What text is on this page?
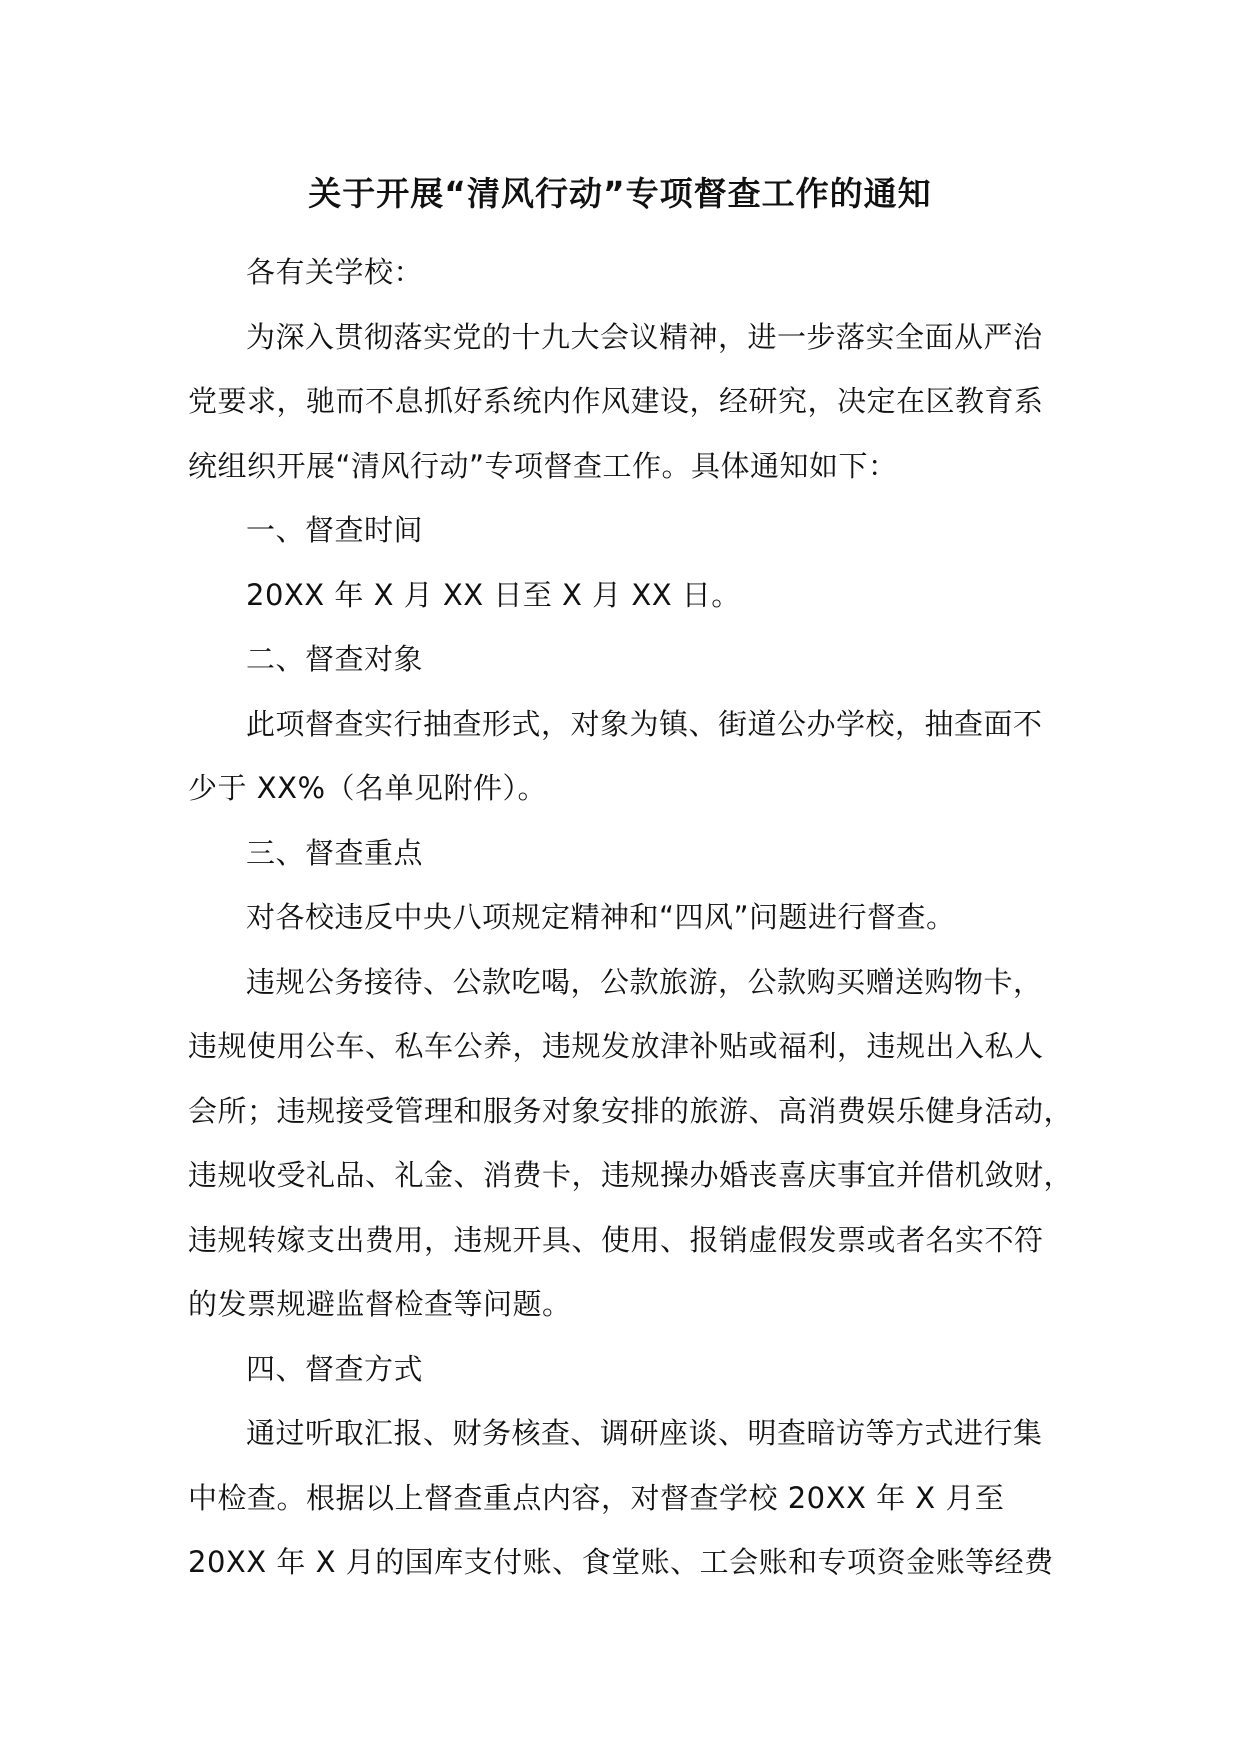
关于开展“清风行动”专项督查工作的通知
各有关学校：
为深入贯彻落实党的十九大会议精神，进一步落实全面从严治
党要求，驰而不息抓好系统内作风建设，经研究，决定在区教育系
统组织开展“清风行动”专项督查工作。具体通知如下：
一、督查时间
20XX 年 X 月 XX 日至 X 月 XX 日。
二、督查对象
此项督查实行抽查形式，对象为镇、街道公办学校，抽查面不
少于 XX%（名单见附件）。
三、督查重点
对各校违反中央八项规定精神和“四风”问题进行督查。
违规公务接待、公款吃喝，公款旅游，公款购买赠送购物卡，
违规使用公车、私车公养，违规发放津补贴或福利，违规出入私人
会所；违规接受管理和服务对象安排的旅游、高消费娱乐健身活动，
违规收受礼品、礼金、消费卡，违规操办婚丧喜庆事宜并借机敛财，
违规转嫁支出费用，违规开具、使用、报销虚假发票或者名实不符
的发票规避监督检查等问题。
四、督查方式
通过听取汇报、财务核查、调研座谈、明查暗访等方式进行集
中检查。根据以上督查重点内容，对督查学校 20XX 年 X 月至
20XX 年 X 月的国库支付账、食堂账、工会账和专项资金账等经费
